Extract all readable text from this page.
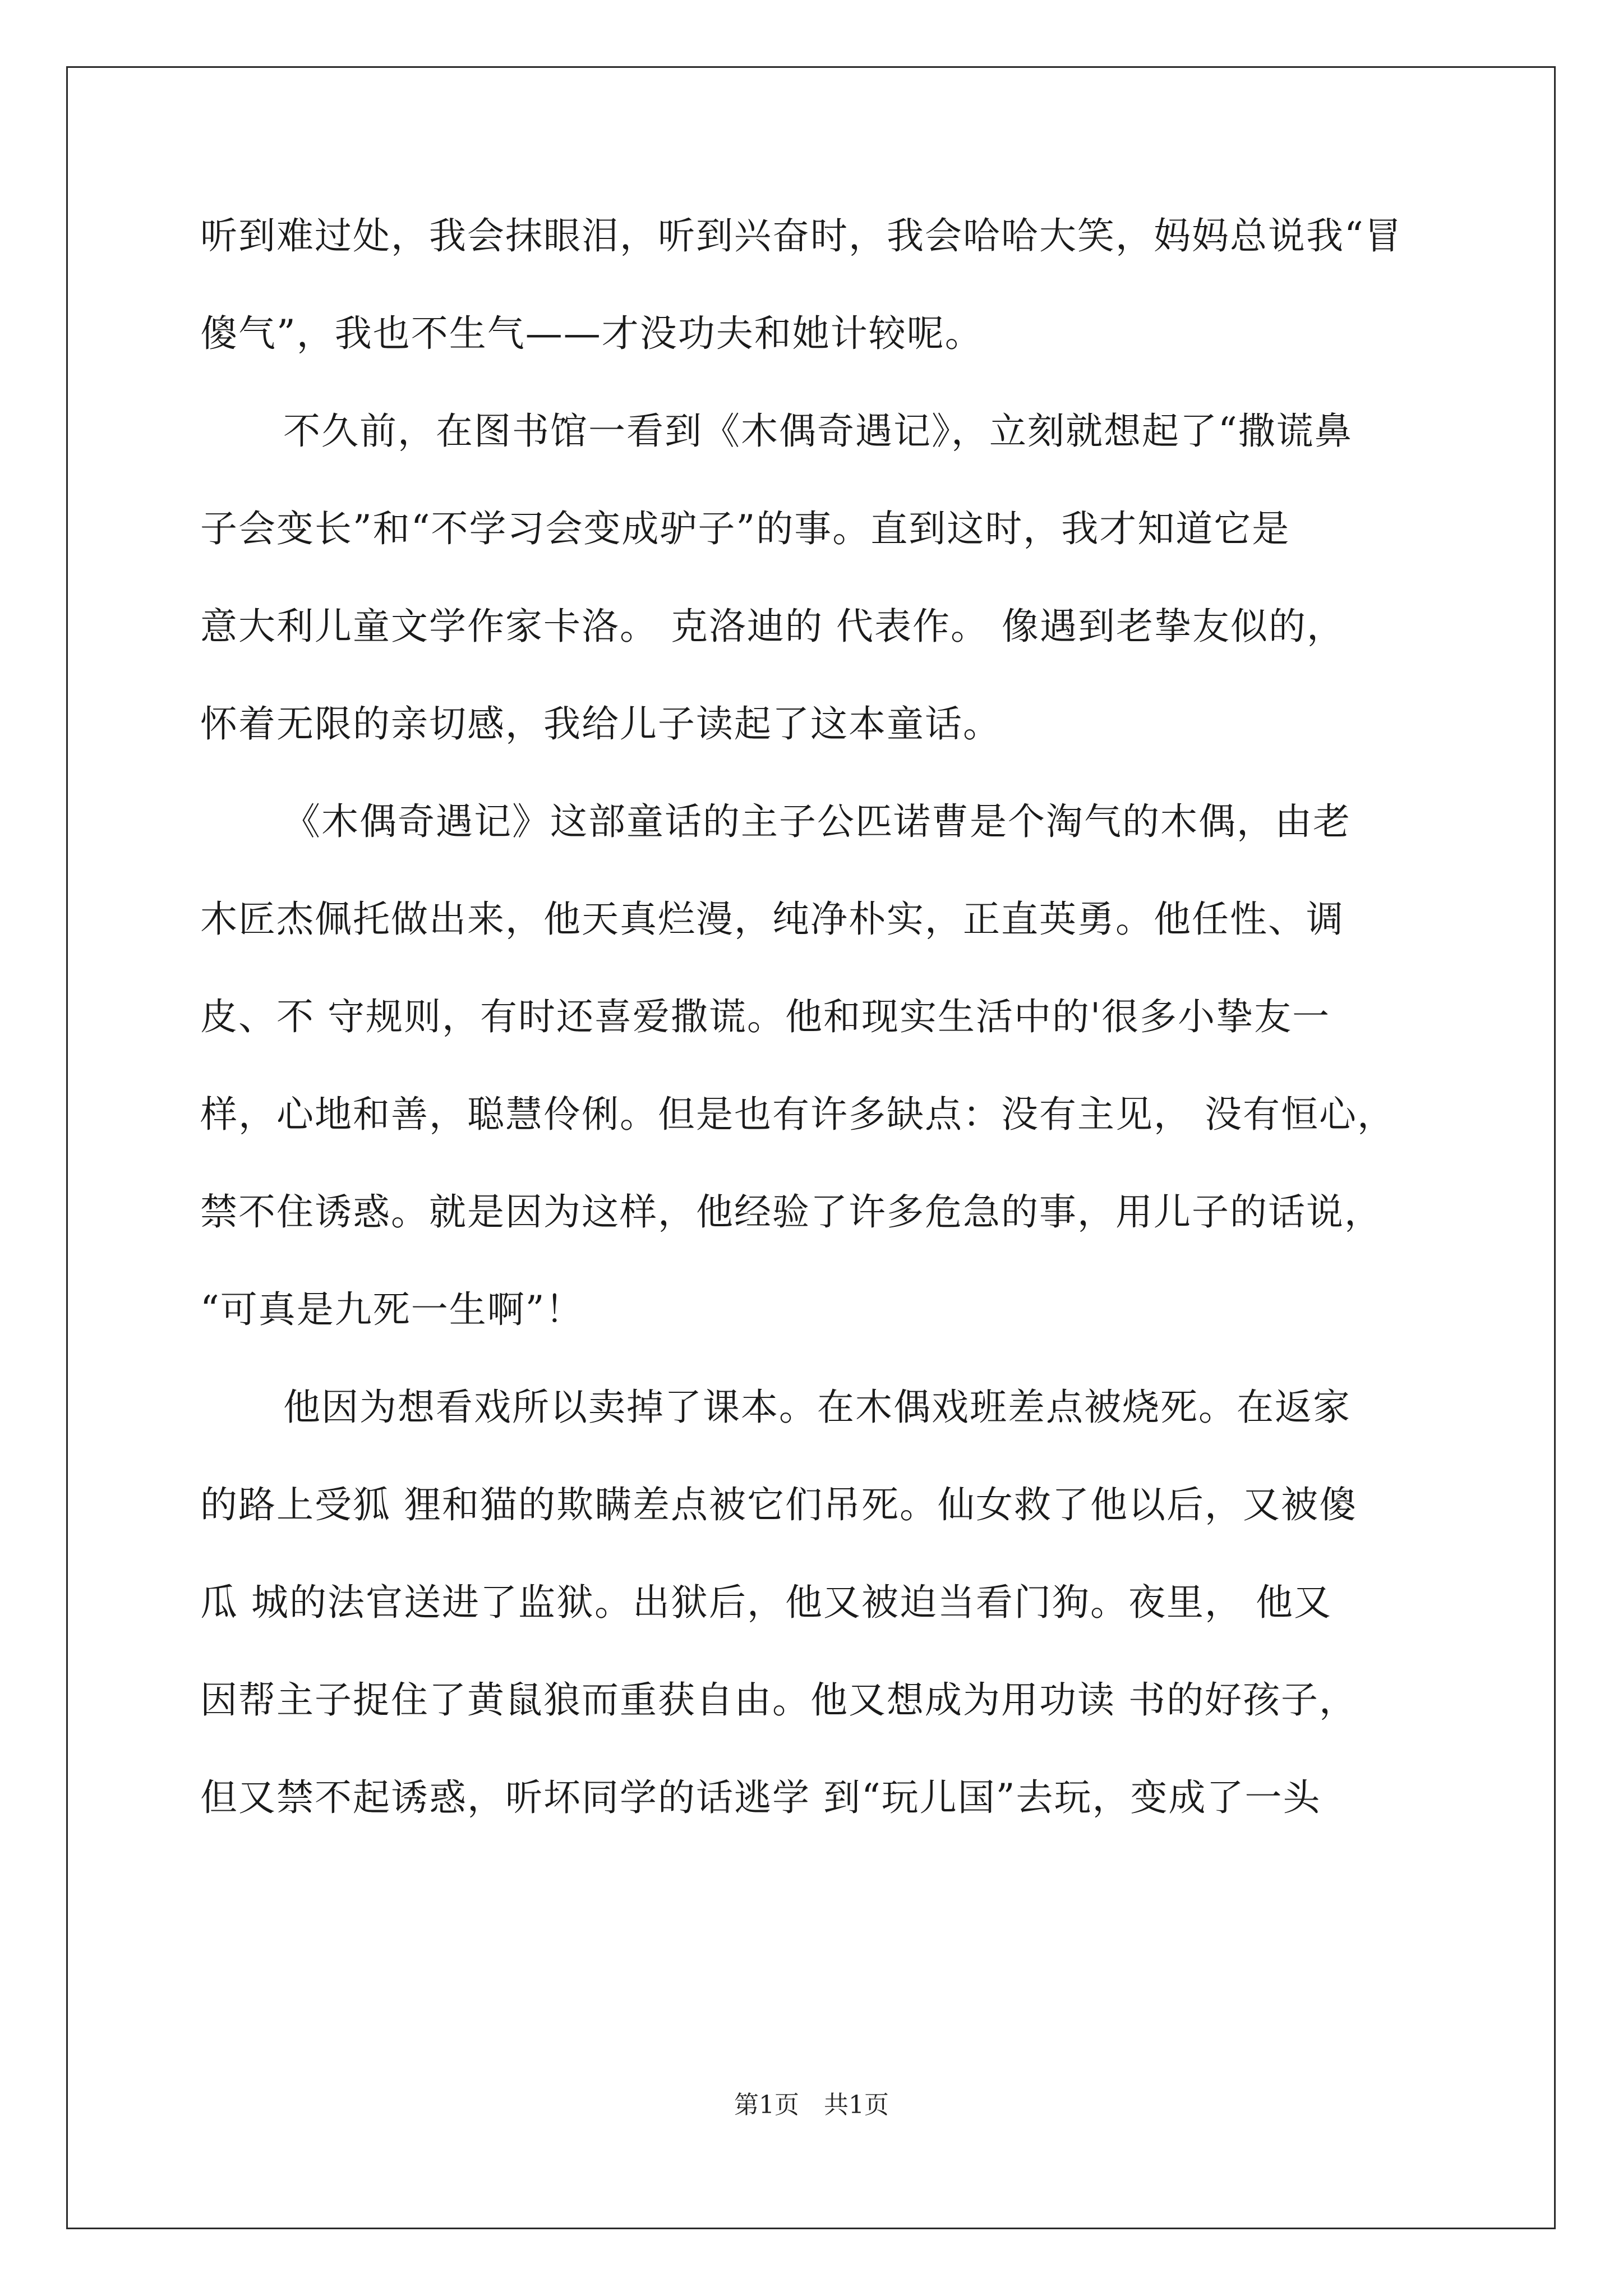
听到难过处，我会抹眼泪，听到兴奋时，我会哈哈大笑，妈妈总说我“冒
傻气”，我也不生气——才没功夫和她计较呢。
不久前，在图书馆一看到《木偶奇遇记》，立刻就想起了“撒谎鼻
子会变长”和“不学习会变成驴子”的事。直到这时，我才知道它是
意大利儿童文学作家卡洛。 克洛迪的 代表作。 像遇到老挚友似的，
怀着无限的亲切感，我给儿子读起了这本童话。
《木偶奇遇记》这部童话的主子公匹诺曹是个淘气的木偶，由老
木匠杰佩托做出来，他天真烂漫，纯净朴实，正直英勇。他任性、调
皮、不 守规则，有时还喜爱撒谎。他和现实生活中的'很多小挚友一
样，心地和善，聪慧伶俐。但是也有许多缺点：没有主见， 没有恒心，
禁不住诱惑。就是因为这样，他经验了许多危急的事，用儿子的话说，
“可真是九死一生啊”！
他因为想看戏所以卖掉了课本。在木偶戏班差点被烧死。在返家
的路上受狐 狸和猫的欺瞒差点被它们吊死。仙女救了他以后，又被傻
瓜 城的法官送进了监狱。出狱后，他又被迫当看门狗。夜里， 他又
因帮主子捉住了黄鼠狼而重获自由。他又想成为用功读 书的好孩子，
但又禁不起诱惑，听坏同学的话逃学 到“玩儿国”去玩，变成了一头
第1页　共1页
